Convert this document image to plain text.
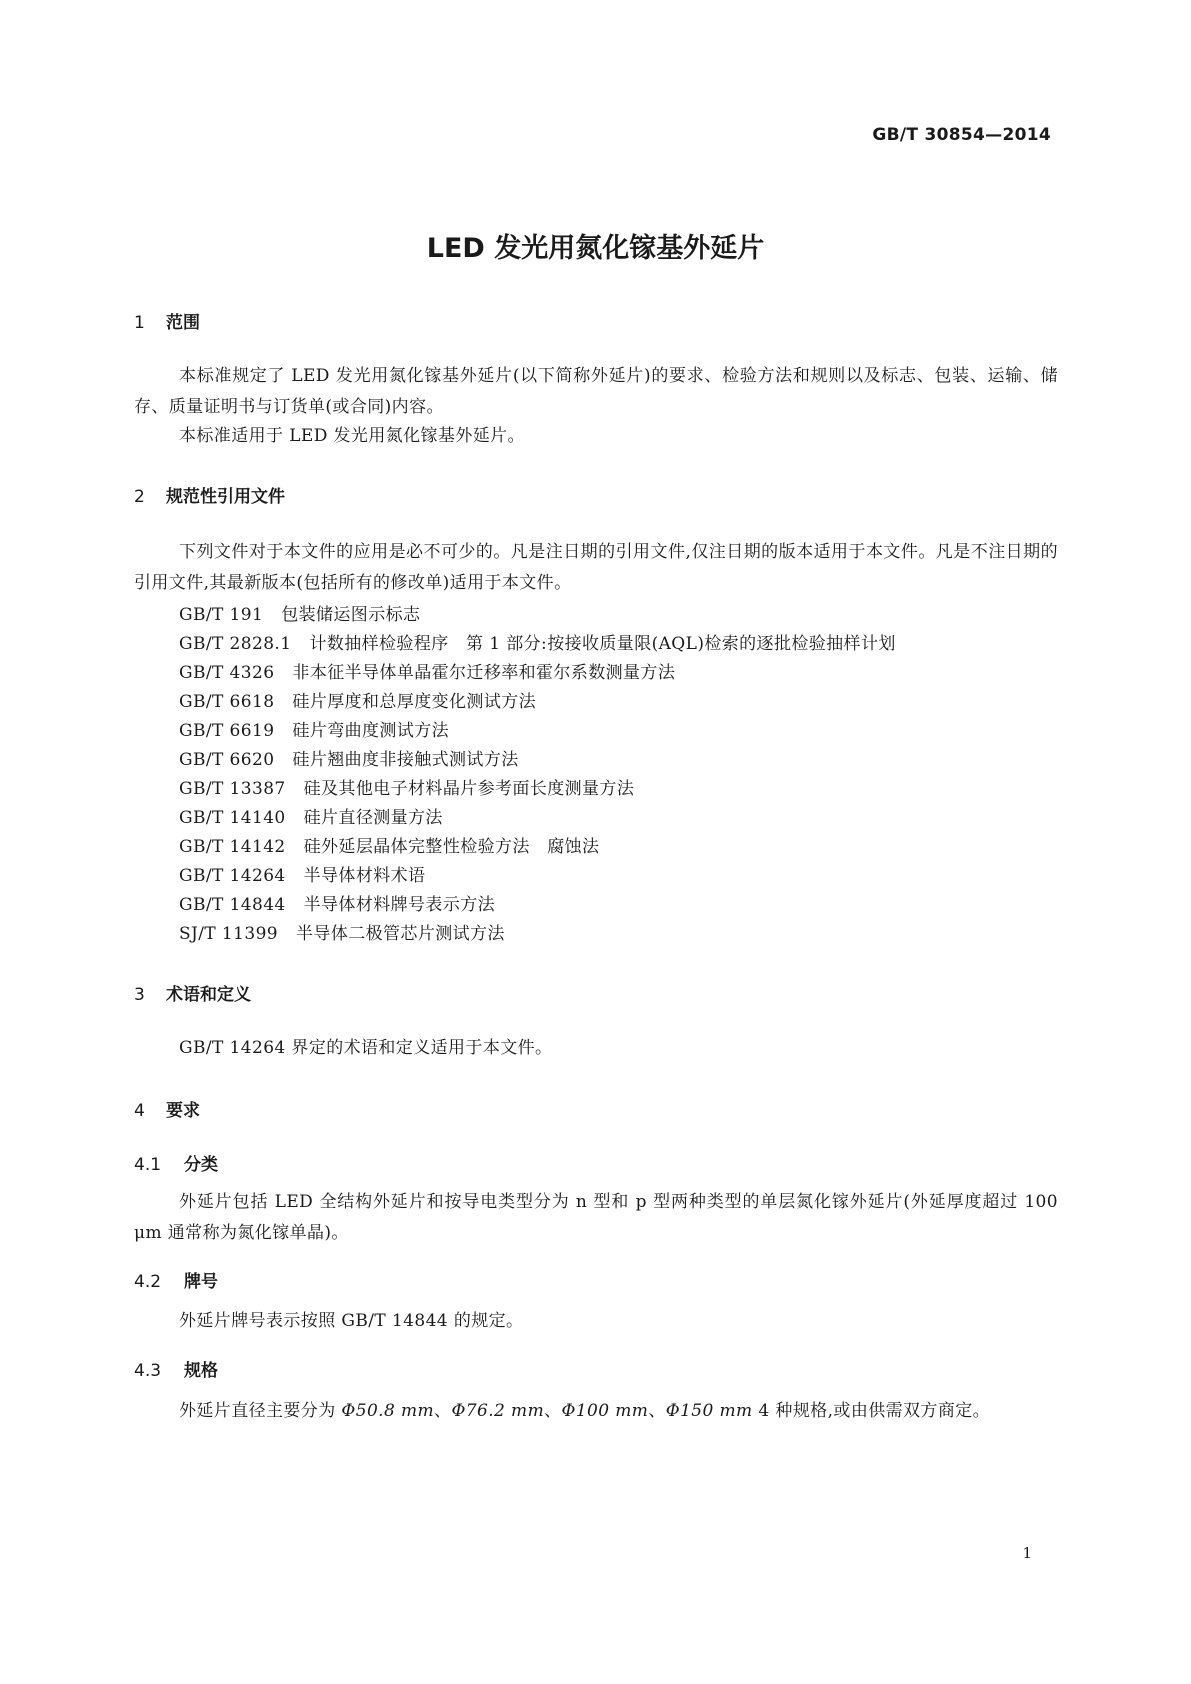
GB/T 30854—2014
LED 发光用氮化镓基外延片
1 范围

本标准规定了 LED 发光用氮化镓基外延片(以下简称外延片)的要求、检验方法和规则以及标志、包装、运输、储存、质量证明书与订货单(或合同)内容。

本标准适用于 LED 发光用氮化镓基外延片。

2 规范性引用文件

下列文件对于本文件的应用是必不可少的。凡是注日期的引用文件,仅注日期的版本适用于本文件。凡是不注日期的引用文件,其最新版本(包括所有的修改单)适用于本文件。

GB/T 191 包装储运图示标志
GB/T 2828.1 计数抽样检验程序　第 1 部分:按接收质量限(AQL)检索的逐批检验抽样计划
GB/T 4326 非本征半导体单晶霍尔迁移率和霍尔系数测量方法
GB/T 6618 硅片厚度和总厚度变化测试方法
GB/T 6619 硅片弯曲度测试方法
GB/T 6620 硅片翘曲度非接触式测试方法
GB/T 13387 硅及其他电子材料晶片参考面长度测量方法
GB/T 14140 硅片直径测量方法
GB/T 14142 硅外延层晶体完整性检验方法　腐蚀法
GB/T 14264 半导体材料术语
GB/T 14844 半导体材料牌号表示方法
SJ/T 11399 半导体二极管芯片测试方法
3 术语和定义

GB/T 14264 界定的术语和定义适用于本文件。

4 要求
4.1 分类

外延片包括 LED 全结构外延片和按导电类型分为 n 型和 p 型两种类型的单层氮化镓外延片(外延厚度超过 100 μm 通常称为氮化镓单晶)。

4.2 牌号

外延片牌号表示按照 GB/T 14844 的规定。

4.3 规格

外延片直径主要分为 Φ50.8 mm、Φ76.2 mm、Φ100 mm、Φ150 mm 4 种规格,或由供需双方商定。

1
